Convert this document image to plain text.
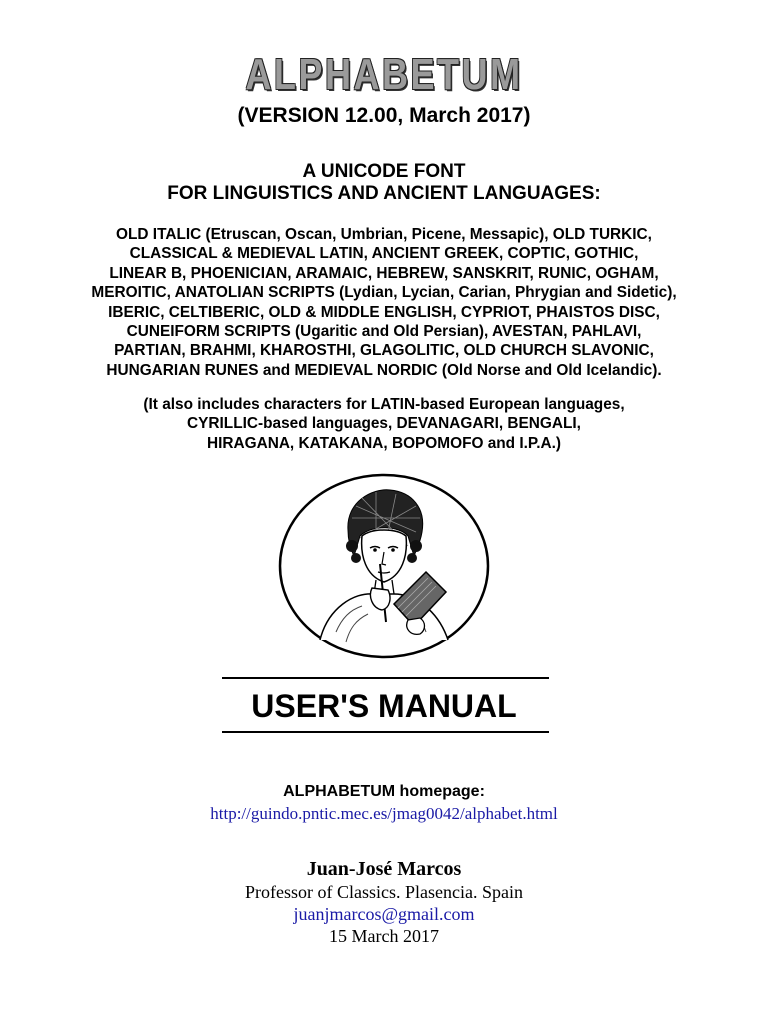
ALPHABETUM
(VERSION 12.00, March 2017)
A UNICODE FONT
FOR LINGUISTICS AND ANCIENT LANGUAGES:
OLD ITALIC (Etruscan, Oscan, Umbrian, Picene, Messapic), OLD TURKIC,
CLASSICAL & MEDIEVAL LATIN, ANCIENT GREEK, COPTIC, GOTHIC,
LINEAR B, PHOENICIAN, ARAMAIC, HEBREW, SANSKRIT, RUNIC, OGHAM,
MEROITIC, ANATOLIAN SCRIPTS (Lydian, Lycian, Carian, Phrygian and Sidetic),
IBERIC, CELTIBERIC, OLD & MIDDLE ENGLISH, CYPRIOT, PHAISTOS DISC,
CUNEIFORM SCRIPTS (Ugaritic and Old Persian), AVESTAN, PAHLAVI,
PARTIAN, BRAHMI, KHAROSTHI, GLAGOLITIC, OLD CHURCH SLAVONIC,
HUNGARIAN RUNES and MEDIEVAL NORDIC (Old Norse and Old Icelandic).
(It also includes characters for LATIN-based European languages,
CYRILLIC-based languages, DEVANAGARI, BENGALI,
HIRAGANA, KATAKANA, BOPOMOFO and I.P.A.)
USER'S MANUAL
ALPHABETUM homepage:
http://guindo.pntic.mec.es/jmag0042/alphabet.html
Juan-José Marcos
Professor of Classics. Plasencia. Spain
juanjmarcos@gmail.com
15 March 2017
